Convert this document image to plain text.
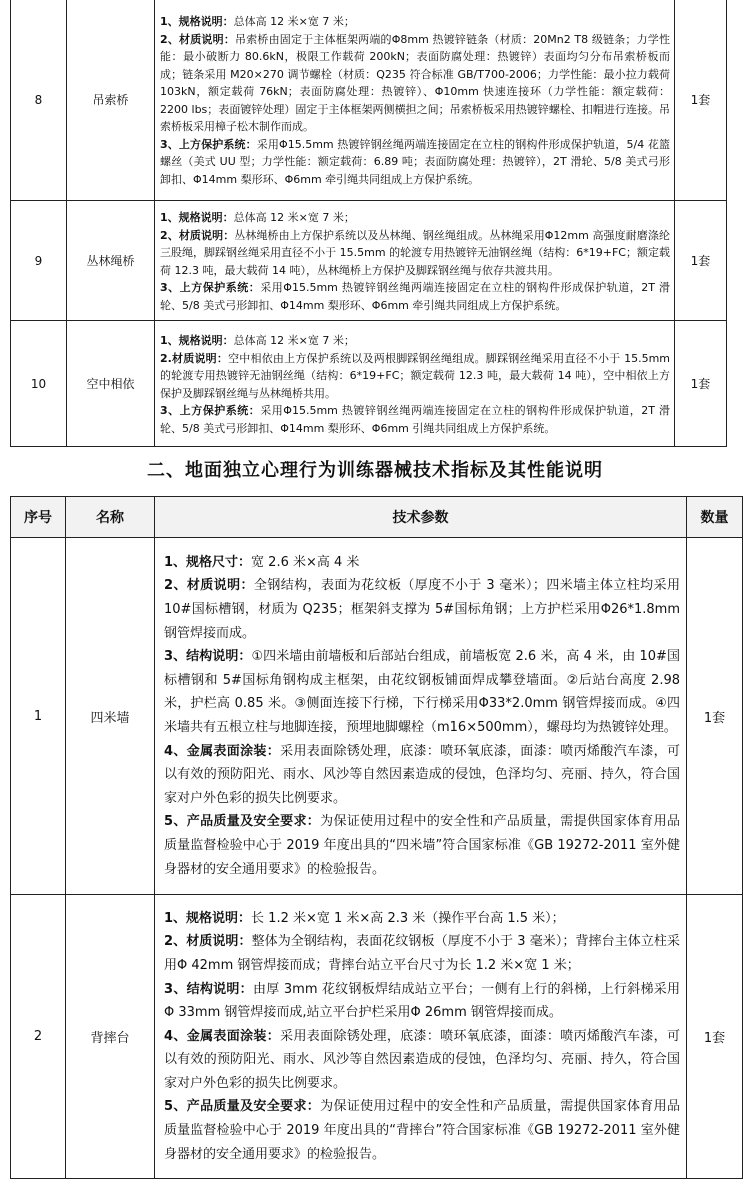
8	吊索桥	1、规格说明：总体高 12 米×宽 7 米；
2、材质说明：吊索桥由固定于主体框架两端的Φ8mm 热镀锌链条（材质：20Mn2 T8 级链条；力学性能：最小破断力 80.6kN，极限工作载荷 200kN；表面防腐处理：热镀锌）表面均匀分布吊索桥板而成；链条采用 M20×270 调节螺栓（材质：Q235 符合标准 GB/T700-2006；力学性能：最小拉力载荷 103kN，额定载荷 76kN；表面防腐处理：热镀锌）、Φ10mm 快速连接环（力学性能：额定载荷：2200 lbs；表面镀锌处理）固定于主体框架两侧横担之间；吊索桥板采用热镀锌螺栓、扣帽进行连接。吊索桥板采用樟子松木制作而成。
3、上方保护系统：采用Φ15.5mm 热镀锌钢丝绳两端连接固定在立柱的钢构件形成保护轨道，5/4 花篮螺丝（美式 UU 型；力学性能：额定载荷：6.89 吨；表面防腐处理：热镀锌），2T 滑轮、5/8 美式弓形卸扣、Φ14mm 梨形环、Φ6mm 牵引绳共同组成上方保护系统。	1套
9	丛林绳桥	1、规格说明：总体高 12 米×宽 7 米；
2、材质说明：丛林绳桥由上方保护系统以及丛林绳、钢丝绳组成。丛林绳采用Φ12mm 高强度耐磨涤纶三股绳，脚踩钢丝绳采用直径不小于 15.5mm 的轮渡专用热镀锌无油钢丝绳（结构：6*19+FC；额定载荷 12.3 吨，最大载荷 14 吨），丛林绳桥上方保护及脚踩钢丝绳与依存共渡共用。
3、上方保护系统：采用Φ15.5mm 热镀锌钢丝绳两端连接固定在立柱的钢构件形成保护轨道，2T 滑轮、5/8 美式弓形卸扣、Φ14mm 梨形环、Φ6mm 牵引绳共同组成上方保护系统。	1套
10	空中相依	1、规格说明：总体高 12 米×宽 7 米；
2.材质说明：空中相依由上方保护系统以及两根脚踩钢丝绳组成。脚踩钢丝绳采用直径不小于 15.5mm 的轮渡专用热镀锌无油钢丝绳（结构：6*19+FC；额定载荷 12.3 吨，最大载荷 14 吨），空中相依上方保护及脚踩钢丝绳与丛林绳桥共用。
3、上方保护系统：采用Φ15.5mm 热镀锌钢丝绳两端连接固定在立柱的钢构件形成保护轨道，2T 滑轮、5/8 美式弓形卸扣、Φ14mm 梨形环、Φ6mm 引绳共同组成上方保护系统。	1套
二、地面独立心理行为训练器械技术指标及其性能说明
序号	名称	技术参数	数量
1	四米墙	1、规格尺寸：宽 2.6 米×高 4 米
2、材质说明：全钢结构，表面为花纹板（厚度不小于 3 毫米）；四米墙主体立柱均采用 10#国标槽钢，材质为 Q235；框架斜支撑为 5#国标角钢；上方护栏采用Φ26*1.8mm 钢管焊接而成。
3、结构说明：①四米墙由前墙板和后部站台组成，前墙板宽 2.6 米，高 4 米，由 10#国标槽钢和 5#国标角钢构成主框架，由花纹钢板铺面焊成攀登墙面。②后站台高度 2.98 米，护栏高 0.85 米。③侧面连接下行梯，下行梯采用Φ33*2.0mm 钢管焊接而成。④四米墙共有五根立柱与地脚连接，预埋地脚螺栓（m16×500mm），螺母均为热镀锌处理。
4、金属表面涂装：采用表面除锈处理，底漆：喷环氧底漆，面漆：喷丙烯酸汽车漆，可以有效的预防阳光、雨水、风沙等自然因素造成的侵蚀，色泽均匀、亮丽、持久，符合国家对户外色彩的损失比例要求。
5、产品质量及安全要求：为保证使用过程中的安全性和产品质量，需提供国家体育用品质量监督检验中心于 2019 年度出具的“四米墙”符合国家标准《GB 19272-2011 室外健身器材的安全通用要求》的检验报告。	1套
2	背摔台	1、规格说明：长 1.2 米×宽 1 米×高 2.3 米（操作平台高 1.5 米）；
2、材质说明：整体为全钢结构，表面花纹钢板（厚度不小于 3 毫米）；背摔台主体立柱采用Φ 42mm 钢管焊接而成；背摔台站立平台尺寸为长 1.2 米×宽 1 米；
3、结构说明：由厚 3mm 花纹钢板焊结成站立平台；一侧有上行的斜梯，上行斜梯采用Φ 33mm 钢管焊接而成,站立平台护栏采用Φ 26mm 钢管焊接而成。
4、金属表面涂装：采用表面除锈处理，底漆：喷环氧底漆，面漆：喷丙烯酸汽车漆，可以有效的预防阳光、雨水、风沙等自然因素造成的侵蚀，色泽均匀、亮丽、持久，符合国家对户外色彩的损失比例要求。
5、产品质量及安全要求：为保证使用过程中的安全性和产品质量，需提供国家体育用品质量监督检验中心于 2019 年度出具的“背摔台”符合国家标准《GB 19272-2011 室外健身器材的安全通用要求》的检验报告。	1套
